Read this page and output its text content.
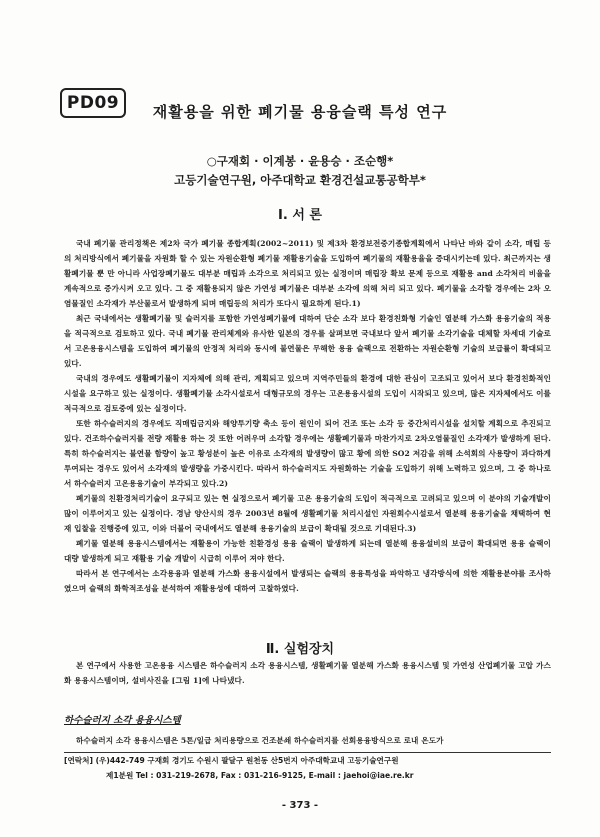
PD09	재활용을 위한 폐기물 용융슬랙 특성 연구
○구재회 · 이계봉 · 윤용승 · 조순행*
고등기술연구원, 아주대학교 환경건설교통공학부*
Ⅰ. 서 론

국내 폐기물 관리정책은 제2차 국가 폐기물 종합계획(2002~2011) 및 제3차 환경보전중기종합계획에서 나타난 바와 같이 소각, 매립 등의 처리방식에서 폐기물을 자원화 할 수 있는 자원순환형 폐기물 재활용기술을 도입하여 폐기물의 재활용율을 증대시키는데 있다. 최근까지는 생활폐기물 뿐 만 아니라 사업장폐기물도 대부분 매립과 소각으로 처리되고 있는 실정이며 매립장 확보 문제 등으로 재활용 and 소각처리 비율을 계속적으로 증가시켜 오고 있다. 그 중 재활용되지 않은 가연성 폐기물은 대부분 소각에 의해 처리 되고 있다. 폐기물을 소각할 경우에는 2차 오염물질인 소각재가 부산물로서 발생하게 되며 매립등의 처리가 또다시 필요하게 된다.1)

최근 국내에서는 생활폐기물 및 슬러지를 포함한 가연성폐기물에 대하여 단순 소각 보다 환경친화형 기술인 열분해 가스화 용융기술의 적용을 적극적으로 검토하고 있다. 국내 폐기물 관리체계와 유사한 일본의 경우를 살펴보면 국내보다 앞서 폐기물 소각기술을 대체할 차세대 기술로서 고온용융시스템을 도입하여 폐기물의 안정적 처리와 동시에 불연물은 무해한 용융 슬랙으로 전환하는 자원순환형 기술의 보급률이 확대되고 있다.

국내의 경우에도 생활폐기물이 지자체에 의해 관리, 계획되고 있으며 지역주민들의 환경에 대한 관심이 고조되고 있어서 보다 환경친화적인 시설을 요구하고 있는 실정이다. 생활폐기물 소각시설로서 대형규모의 경우는 고온용융시설의 도입이 시작되고 있으며, 많은 지자체에서도 이를 적극적으로 검토중에 있는 실정이다.

또한 하수슬러지의 경우에도 직매립금지와 해양투기량 축소 등이 원인이 되어 건조 또는 소각 등 중간처리시설을 설치할 계획으로 추진되고 있다. 건조하수슬러지를 전량 재활용 하는 것 또한 어려우며 소각할 경우에는 생활폐기물과 마찬가지로 2차오염물질인 소각재가 발생하게 된다. 특히 하수슬러지는 불연물 함량이 높고 황성분이 높은 이유로 소각재의 발생량이 많고 황에 의한 SO2 저감을 위해 소석회의 사용량이 과다하게 투여되는 경우도 있어서 소각재의 발생량을 가중시킨다. 따라서 하수슬러지도 자원화하는 기술을 도입하기 위해 노력하고 있으며, 그 중 하나로서 하수슬러지 고온용융기술이 부각되고 있다.2)

폐기물의 친환경처리기술이 요구되고 있는 현 실정으로서 폐기물 고온 용융기술의 도입이 적극적으로 고려되고 있으며 이 분야의 기술개발이 많이 이루어지고 있는 실정이다. 경남 양산시의 경우 2003년 8월에 생활폐기물 처리시설인 자원회수시설로서 열분해 용융기술을 채택하여 현재 입찰을 진행중에 있고, 이와 더불어 국내에서도 열분해 용융기술의 보급이 확대될 것으로 기대된다.3)

폐기물 열분해 용융시스템에서는 재활용이 가능한 친환경성 용융 슬랙이 발생하게 되는데 열분해 용융설비의 보급이 확대되면 용융 슬랙이 대량 발생하게 되고 재활용 기술 개발이 시급히 이루어 져야 한다.

따라서 본 연구에서는 소각용융과 열분해 가스화 용융시설에서 발생되는 슬랙의 용융특성을 파악하고 냉각방식에 의한 재활용분야를 조사하였으며 슬랙의 화학적조성을 분석하여 재활용성에 대하여 고찰하였다.

Ⅱ. 실험장치

본 연구에서 사용한 고온용융 시스템은 하수슬러지 소각 용융시스템, 생활폐기물 열분해 가스화 용융시스템 및 가연성 산업폐기물 고압 가스화 용융시스템이며, 설비사진을 [그림 1]에 나타냈다.

하수슬러지 소각 용융시스템

하수슬러지 소각 용융시스템은 5톤/일급 처리용량으로 건조분쇄 하수슬러지를 선회용융방식으로 로내 온도가

[연락처] (우)442-749 구재회 경기도 수원시 팔달구 원천동 산5번지 아주대학교내 고등기술연구원
제1분원 Tel : 031-219-2678, Fax : 031-216-9125, E-mail : jaehoi@iae.re.kr
- 373 -
